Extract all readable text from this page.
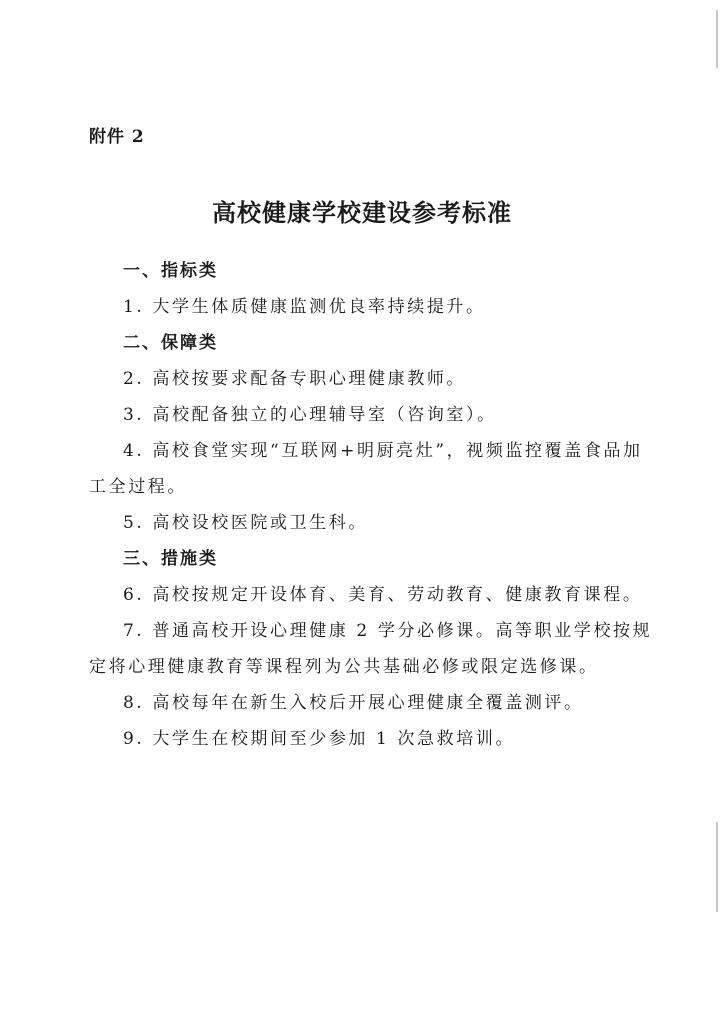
附件 2
高校健康学校建设参考标准
一、指标类
1. 大学生体质健康监测优良率持续提升。
二、保障类
2. 高校按要求配备专职心理健康教师。
3. 高校配备独立的心理辅导室（咨询室）。
4. 高校食堂实现“互联网+明厨亮灶”，视频监控覆盖食品加
工全过程。
5. 高校设校医院或卫生科。
三、措施类
6. 高校按规定开设体育、美育、劳动教育、健康教育课程。
7. 普通高校开设心理健康 2 学分必修课。高等职业学校按规
定将心理健康教育等课程列为公共基础必修或限定选修课。
8. 高校每年在新生入校后开展心理健康全覆盖测评。
9. 大学生在校期间至少参加 1 次急救培训。
